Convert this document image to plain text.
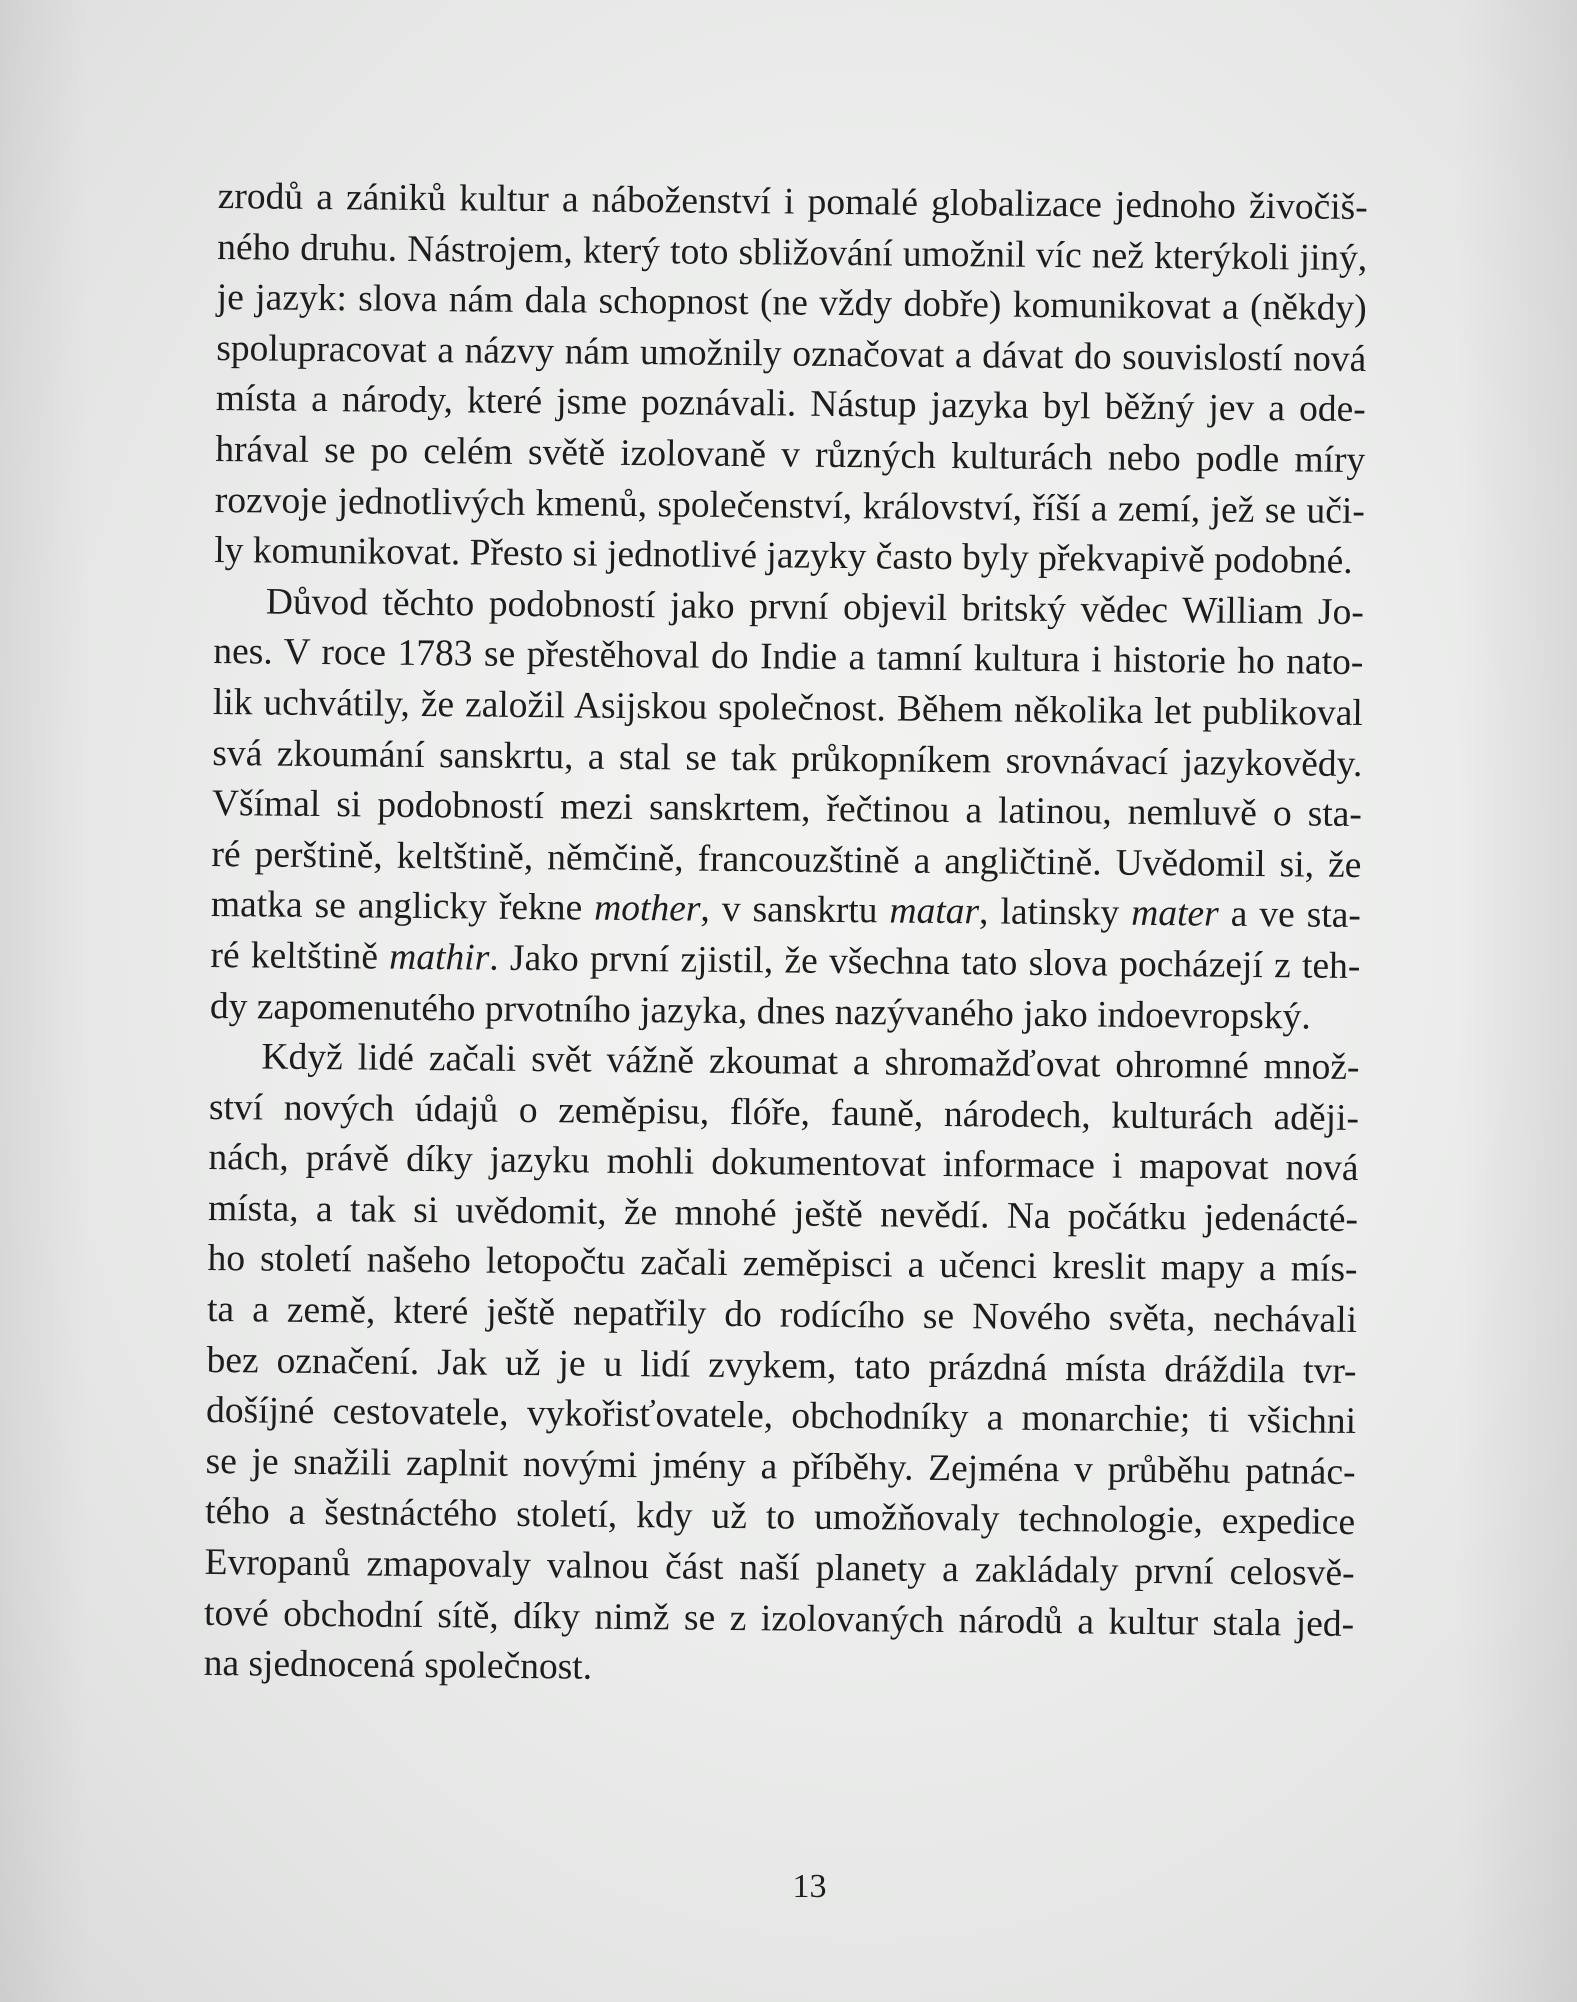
zrodů a zániků kultur a náboženství i pomalé globalizace jednoho živočiš-
ného druhu. Nástrojem, který toto sbližování umožnil víc než kterýkoli jiný,
je jazyk: slova nám dala schopnost (ne vždy dobře) komunikovat a (někdy)
spolupracovat a názvy nám umožnily označovat a dávat do souvislostí nová
místa a národy, které jsme poznávali. Nástup jazyka byl běžný jev a ode-
hrával se po celém světě izolovaně v různých kulturách nebo podle míry
rozvoje jednotlivých kmenů, společenství, království, říší a zemí, jež se uči-
ly komunikovat. Přesto si jednotlivé jazyky často byly překvapivě podobné.
Důvod těchto podobností jako první objevil britský vědec William Jo-
nes. V roce 1783 se přestěhoval do Indie a tamní kultura i historie ho nato-
lik uchvátily, že založil Asijskou společnost. Během několika let publikoval
svá zkoumání sanskrtu, a stal se tak průkopníkem srovnávací jazykovědy.
Všímal si podobností mezi sanskrtem, řečtinou a latinou, nemluvě o sta-
ré perštině, keltštině, němčině, francouzštině a angličtině. Uvědomil si, že
matka se anglicky řekne mother, v sanskrtu matar, latinsky mater a ve sta-
ré keltštině mathir. Jako první zjistil, že všechna tato slova pocházejí z teh-
dy zapomenutého prvotního jazyka, dnes nazývaného jako indoevropský.
Když lidé začali svět vážně zkoumat a shromažďovat ohromné množ-
ství nových údajů o zeměpisu, flóře, fauně, národech, kulturách aději-
nách, právě díky jazyku mohli dokumentovat informace i mapovat nová
místa, a tak si uvědomit, že mnohé ještě nevědí. Na počátku jedenácté-
ho století našeho letopočtu začali zeměpisci a učenci kreslit mapy a mís-
ta a země, které ještě nepatřily do rodícího se Nového světa, nechávali
bez označení. Jak už je u lidí zvykem, tato prázdná místa dráždila tvr-
došíjné cestovatele, vykořisťovatele, obchodníky a monarchie; ti všichni
se je snažili zaplnit novými jmény a příběhy. Zejména v průběhu patnác-
tého a šestnáctého století, kdy už to umožňovaly technologie, expedice
Evropanů zmapovaly valnou část naší planety a zakládaly první celosvě-
tové obchodní sítě, díky nimž se z izolovaných národů a kultur stala jed-
na sjednocená společnost.
13
